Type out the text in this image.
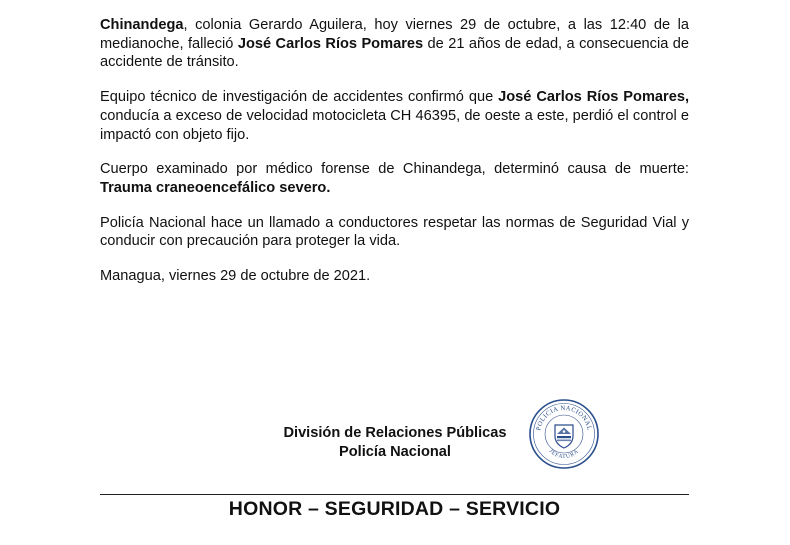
Chinandega, colonia Gerardo Aguilera, hoy viernes 29 de octubre, a las 12:40 de la medianoche, falleció José Carlos Ríos Pomares de 21 años de edad, a consecuencia de accidente de tránsito.

Equipo técnico de investigación de accidentes confirmó que José Carlos Ríos Pomares, conducía a exceso de velocidad motocicleta CH 46395, de oeste a este, perdió el control e impactó con objeto fijo.

Cuerpo examinado por médico forense de Chinandega, determinó causa de muerte: Trauma craneoencefálico severo.

Policía Nacional hace un llamado a conductores respetar las normas de Seguridad Vial y conducir con precaución para proteger la vida.

Managua, viernes 29 de octubre de 2021.

División de Relaciones Públicas
Policía Nacional
POLICIA NACIONAL
JEFATURA
HONOR – SEGURIDAD – SERVICIO
